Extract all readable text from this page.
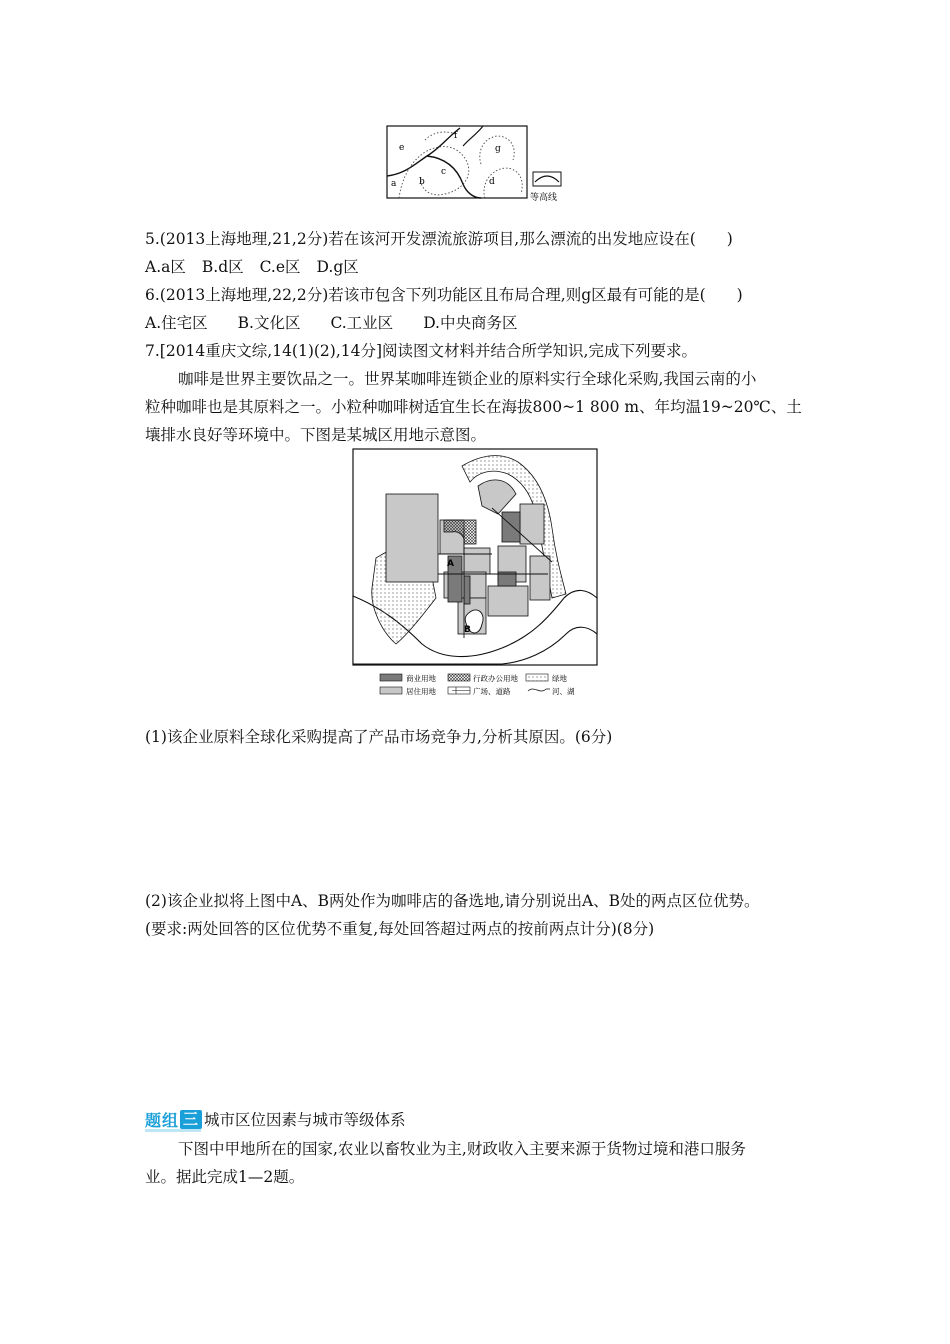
a	b
c
d
e
f
g
等高线
5.(2013上海地理,21,2分)若在该河开发漂流旅游项目,那么漂流的出发地应设在(　　)
A.a区 B.d区 C.e区 D.g区
6.(2013上海地理,22,2分)若该市包含下列功能区且布局合理,则g区最有可能的是(　　)
A.住宅区 B.文化区 C.工业区 D.中央商务区
7.[2014重庆文综,14(1)(2),14分]阅读图文材料并结合所学知识,完成下列要求。
咖啡是世界主要饮品之一。世界某咖啡连锁企业的原料实行全球化采购,我国云南的小
粒种咖啡也是其原料之一。小粒种咖啡树适宜生长在海拔800~1 800 m、年均温19~20℃、土
壤排水良好等环境中。下图是某城区用地示意图。
A
B
商业用地	行政办公用地	绿地
居住用地	广场、道路	河、湖
(1)该企业原料全球化采购提高了产品市场竞争力,分析其原因。(6分)
(2)该企业拟将上图中A、B两处作为咖啡店的备选地,请分别说出A、B处的两点区位优势。
(要求:两处回答的区位优势不重复,每处回答超过两点的按前两点计分)(8分)
题组 三 城市区位因素与城市等级体系
下图中甲地所在的国家,农业以畜牧业为主,财政收入主要来源于货物过境和港口服务
业。据此完成1—2题。
